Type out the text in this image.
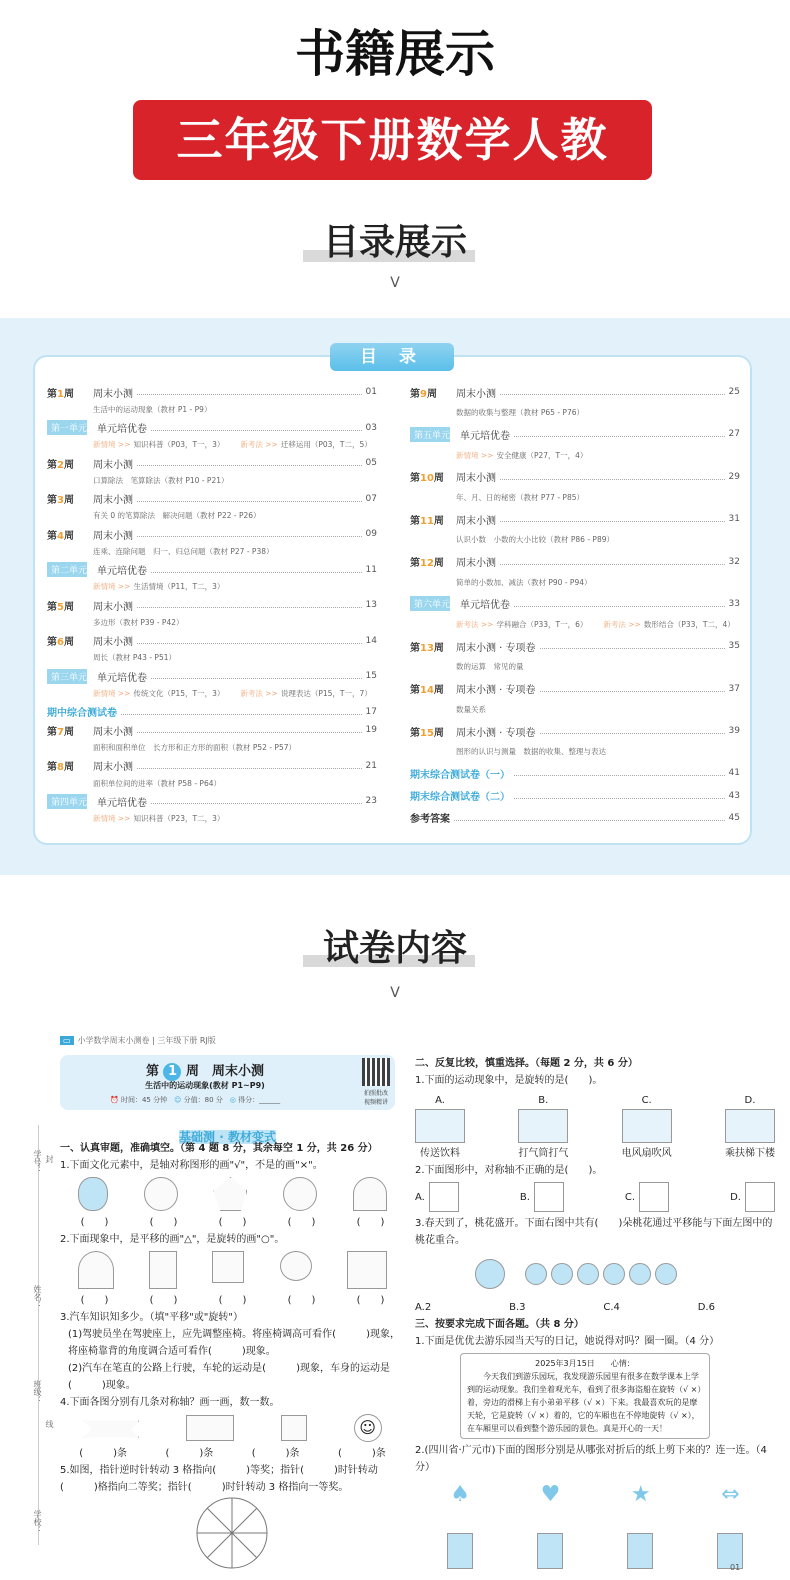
书籍展示
三年级下册数学人教
目录展示
V
目 录
第1周	周末小测	01
生活中的运动现象（教材 P1 - P9）
第一单元 单元培优卷	03
新情境 >> 知识科普（P03，T一，3） 新考法 >> 迁移运用（P03，T二，5）
第2周	周末小测	05
口算除法　笔算除法（教材 P10 - P21）
第3周	周末小测	07
有关 0 的笔算除法　解决问题（教材 P22 - P26）
第4周	周末小测	09
连乘、连除问题　归一、归总问题（教材 P27 - P38）
第二单元 单元培优卷	11
新情境 >> 生活情境（P11，T二，3）
第5周	周末小测	13
多边形（教材 P39 - P42）
第6周	周末小测	14
周长（教材 P43 - P51）
第三单元 单元培优卷	15
新情境 >> 传统文化（P15，T一，3） 新考法 >> 说理表达（P15，T一，7）
期中综合测试卷	17
第7周	周末小测	19
面积和面积单位　长方形和正方形的面积（教材 P52 - P57）
第8周	周末小测	21
面积单位间的进率（教材 P58 - P64）
第四单元 单元培优卷	23
新情境 >> 知识科普（P23，T二，3）
第9周	周末小测	25
数据的收集与整理（教材 P65 - P76）
第五单元 单元培优卷	27
新情境 >> 安全健康（P27，T一，4）
第10周	周末小测	29
年、月、日的秘密（教材 P77 - P85）
第11周	周末小测	31
认识小数　小数的大小比较（教材 P86 - P89）
第12周	周末小测	32
简单的小数加、减法（教材 P90 - P94）
第六单元 单元培优卷	33
新考法 >> 学科融合（P33，T一，6） 新考法 >> 数形结合（P33，T二，4）
第13周	周末小测 · 专项卷	35
数的运算　常见的量
第14周	周末小测 · 专项卷	37
数量关系
第15周	周末小测 · 专项卷	39
图形的认识与测量　数据的收集、整理与表达
期末综合测试卷（一）	41
期末综合测试卷（二）	43
参考答案	45
试卷内容
V
▭ 小学数学周末小测卷 | 三年级下册 RJ版
学号： 封
姓名：
班级：
线
学校：
第 1 周　 周末小测
生活中的运动现象(教材 P1~P9)
⏰ 时间：45 分钟　 ☺ 分值：80 分　 ◎ 得分：______
拍照批改
视频精讲
基础测 · 教材变式
一、认真审题，准确填空。（第 4 题 8 分，其余每空 1 分，共 26 分）
1.下面文化元素中，是轴对称图形的画"√"，不是的画"×"。
(　　)	(　　)	(　　)	(　　)	(　　)
2.下面现象中，是平移的画"△"，是旋转的画"○"。
(　　)	(　　)	(　　)	(　　)	(　　)
3.汽车知识知多少。（填"平移"或"旋转"）
(1)驾驶员坐在驾驶座上，应先调整座椅。将座椅调高可看作(　　　)现象，将座椅靠背的角度调合适可看作(　　　)现象。
(2)汽车在笔直的公路上行驶，车轮的运动是(　　　)现象，车身的运动是(　　　)现象。
4.下面各图分别有几条对称轴？画一画，数一数。
☺
(　　　)条	(　　　)条	(　　　)条	(　　　)条
5.如图，指针逆时针转动 3 格指向(　　　)等奖；指针(　　　)时针转动(　　　)格指向二等奖；指针(　　　)时针转动 3 格指向一等奖。
二、反复比较，慎重选择。（每题 2 分，共 6 分）
1.下面的运动现象中，是旋转的是(　　)。
A.
传送饮料
B.
打气筒打气
C.
电风扇吹风
D.
乘扶梯下楼
2.下面图形中，对称轴不正确的是(　　)。
A.	B.	C.	D.
3.春天到了，桃花盛开。下面右图中共有(　　)朵桃花通过平移能与下面左图中的桃花重合。
A.2	B.3	C.4	D.6
三、按要求完成下面各题。（共 8 分）
1.下面是优优去游乐园当天写的日记，她说得对吗？圈一圈。（4 分）
2025年3月15日　　心情：
今天我们到游乐园玩，我发现游乐园里有很多在数学课本上学到的运动现象。我们坐着观光车，看到了很多海盗船在旋转（√ ×）着，旁边的滑梯上有小弟弟平移（√ ×）下来。我最喜欢玩的是摩天轮，它是旋转（√ ×）着的，它的车厢也在不停地旋转（√ ×），在车厢里可以看到整个游乐园的景色。真是开心的一天！
2.(四川省·广元市)下面的图形分别是从哪张对折后的纸上剪下来的？连一连。（4 分）
♠	♥	★	⇔
01
